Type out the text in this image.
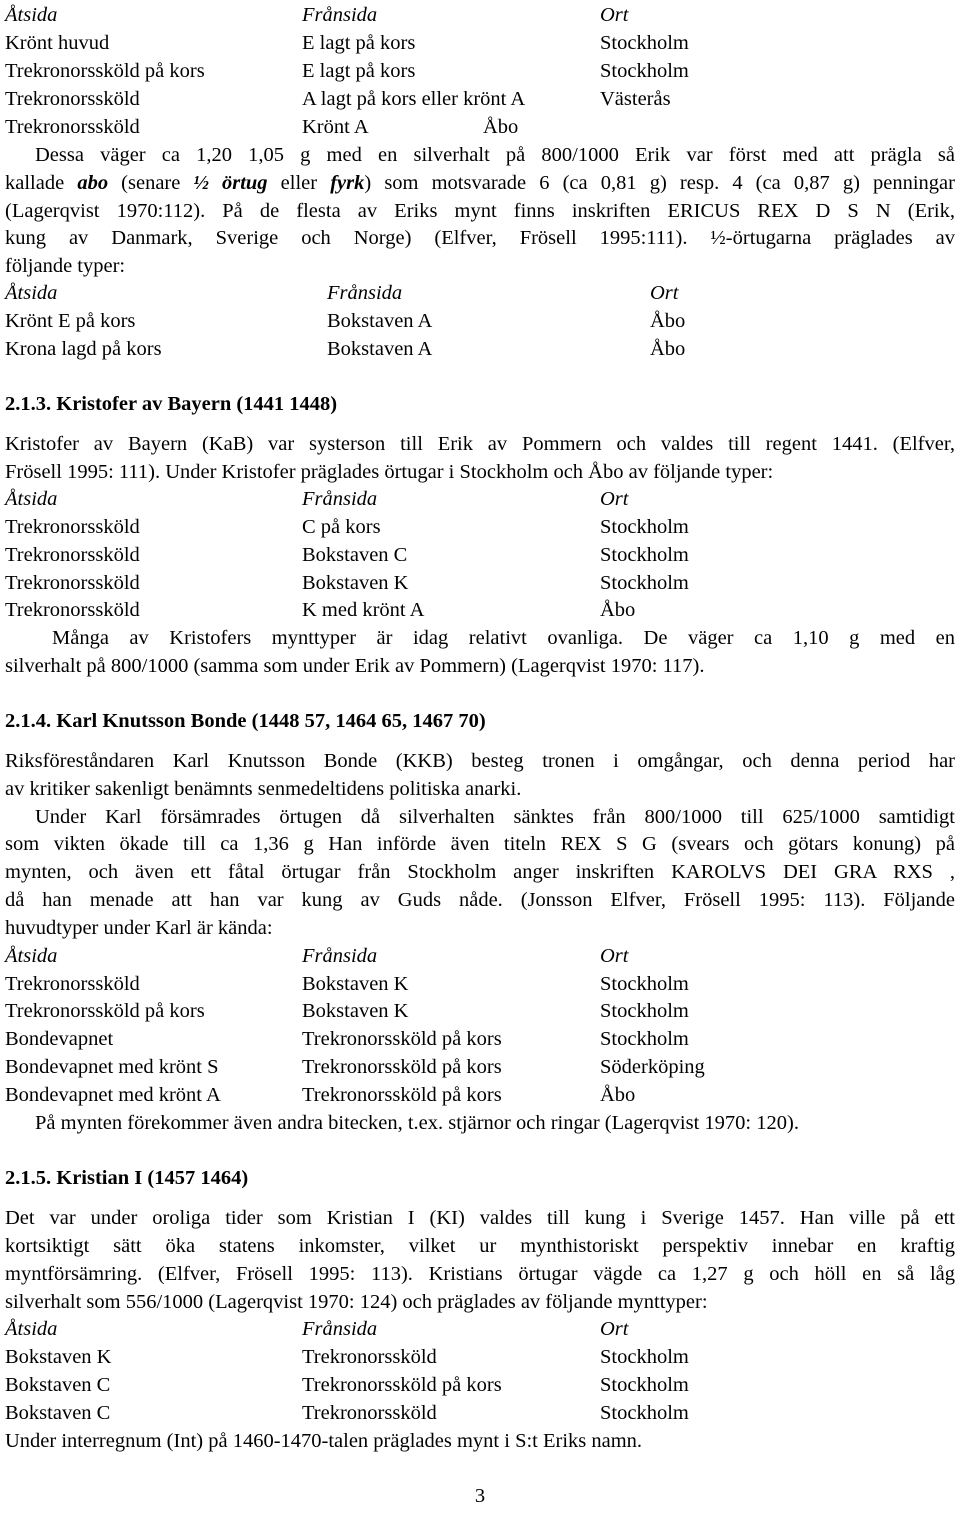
Åtsida	Frånsida	Ort
Krönt huvud	E lagt på kors	Stockholm
Trekronorssköld på kors	E lagt på kors	Stockholm
Trekronorssköld	A lagt på kors eller krönt A	Västerås
Trekronorssköld	Krönt A	Åbo
Dessa väger ca 1,20 1,05 g med en silverhalt på 800/1000 Erik var först med att prägla så
kallade abo (senare ½ örtug eller fyrk) som motsvarade 6 (ca 0,81 g) resp. 4 (ca 0,87 g) penningar
(Lagerqvist 1970:112). På de flesta av Eriks mynt finns inskriften ERICUS REX D S N (Erik,
kung av Danmark, Sverige och Norge) (Elfver, Frösell 1995:111). ½-örtugarna präglades av
följande typer:
Åtsida	Frånsida	Ort
Krönt E på kors	Bokstaven A	Åbo
Krona lagd på kors	Bokstaven A	Åbo
2.1.3. Kristofer av Bayern (1441 1448)
Kristofer av Bayern (KaB) var systerson till Erik av Pommern och valdes till regent 1441. (Elfver,
Frösell 1995: 111). Under Kristofer präglades örtugar i Stockholm och Åbo av följande typer:
Åtsida	Frånsida	Ort
Trekronorssköld	C på kors	Stockholm
Trekronorssköld	Bokstaven C	Stockholm
Trekronorssköld	Bokstaven K	Stockholm
Trekronorssköld	K med krönt A	Åbo
Många av Kristofers mynttyper är idag relativt ovanliga. De väger ca 1,10 g med en
silverhalt på 800/1000 (samma som under Erik av Pommern) (Lagerqvist 1970: 117).
2.1.4. Karl Knutsson Bonde (1448 57, 1464 65, 1467 70)
Riksföreståndaren Karl Knutsson Bonde (KKB) besteg tronen i omgångar, och denna period har
av kritiker sakenligt benämnts senmedeltidens politiska anarki.
Under Karl försämrades örtugen då silverhalten sänktes från 800/1000 till 625/1000 samtidigt
som vikten ökade till ca 1,36 g Han införde även titeln REX S G (svears och götars konung) på
mynten, och även ett fåtal örtugar från Stockholm anger inskriften KAROLVS DEI GRA RXS ,
då han menade att han var kung av Guds nåde. (Jonsson Elfver, Frösell 1995: 113). Följande
huvudtyper under Karl är kända:
Åtsida	Frånsida	Ort
Trekronorssköld	Bokstaven K	Stockholm
Trekronorssköld på kors	Bokstaven K	Stockholm
Bondevapnet	Trekronorssköld på kors	Stockholm
Bondevapnet med krönt S	Trekronorssköld på kors	Söderköping
Bondevapnet med krönt A	Trekronorssköld på kors	Åbo
På mynten förekommer även andra bitecken, t.ex. stjärnor och ringar (Lagerqvist 1970: 120).
2.1.5. Kristian I (1457 1464)
Det var under oroliga tider som Kristian I (KI) valdes till kung i Sverige 1457. Han ville på ett
kortsiktigt sätt öka statens inkomster, vilket ur mynthistoriskt perspektiv innebar en kraftig
myntförsämring. (Elfver, Frösell 1995: 113). Kristians örtugar vägde ca 1,27 g och höll en så låg
silverhalt som 556/1000 (Lagerqvist 1970: 124) och präglades av följande mynttyper:
Åtsida	Frånsida	Ort
Bokstaven K	Trekronorssköld	Stockholm
Bokstaven C	Trekronorssköld på kors	Stockholm
Bokstaven C	Trekronorssköld	Stockholm
Under interregnum (Int) på 1460-1470-talen präglades mynt i S:t Eriks namn.
3
